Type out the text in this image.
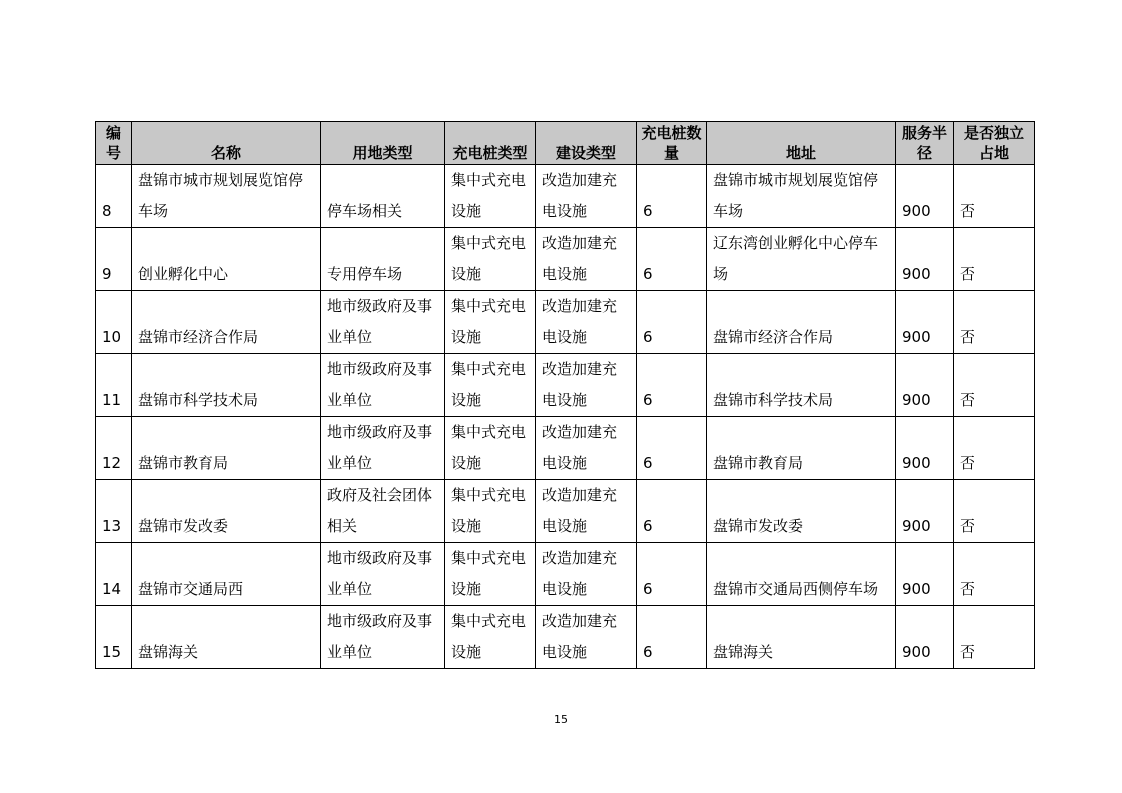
编号	名称	用地类型	充电桩类型	建设类型	充电桩数量	地址	服务半径	是否独立占地
8	盘锦市城市规划展览馆停车场	停车场相关	集中式充电设施	改造加建充电设施	6	盘锦市城市规划展览馆停车场	900	否
9	创业孵化中心	专用停车场	集中式充电设施	改造加建充电设施	6	辽东湾创业孵化中心停车场	900	否
10	盘锦市经济合作局	地市级政府及事业单位	集中式充电设施	改造加建充电设施	6	盘锦市经济合作局	900	否
11	盘锦市科学技术局	地市级政府及事业单位	集中式充电设施	改造加建充电设施	6	盘锦市科学技术局	900	否
12	盘锦市教育局	地市级政府及事业单位	集中式充电设施	改造加建充电设施	6	盘锦市教育局	900	否
13	盘锦市发改委	政府及社会团体相关	集中式充电设施	改造加建充电设施	6	盘锦市发改委	900	否
14	盘锦市交通局西	地市级政府及事业单位	集中式充电设施	改造加建充电设施	6	盘锦市交通局西侧停车场	900	否
15	盘锦海关	地市级政府及事业单位	集中式充电设施	改造加建充电设施	6	盘锦海关	900	否
15
